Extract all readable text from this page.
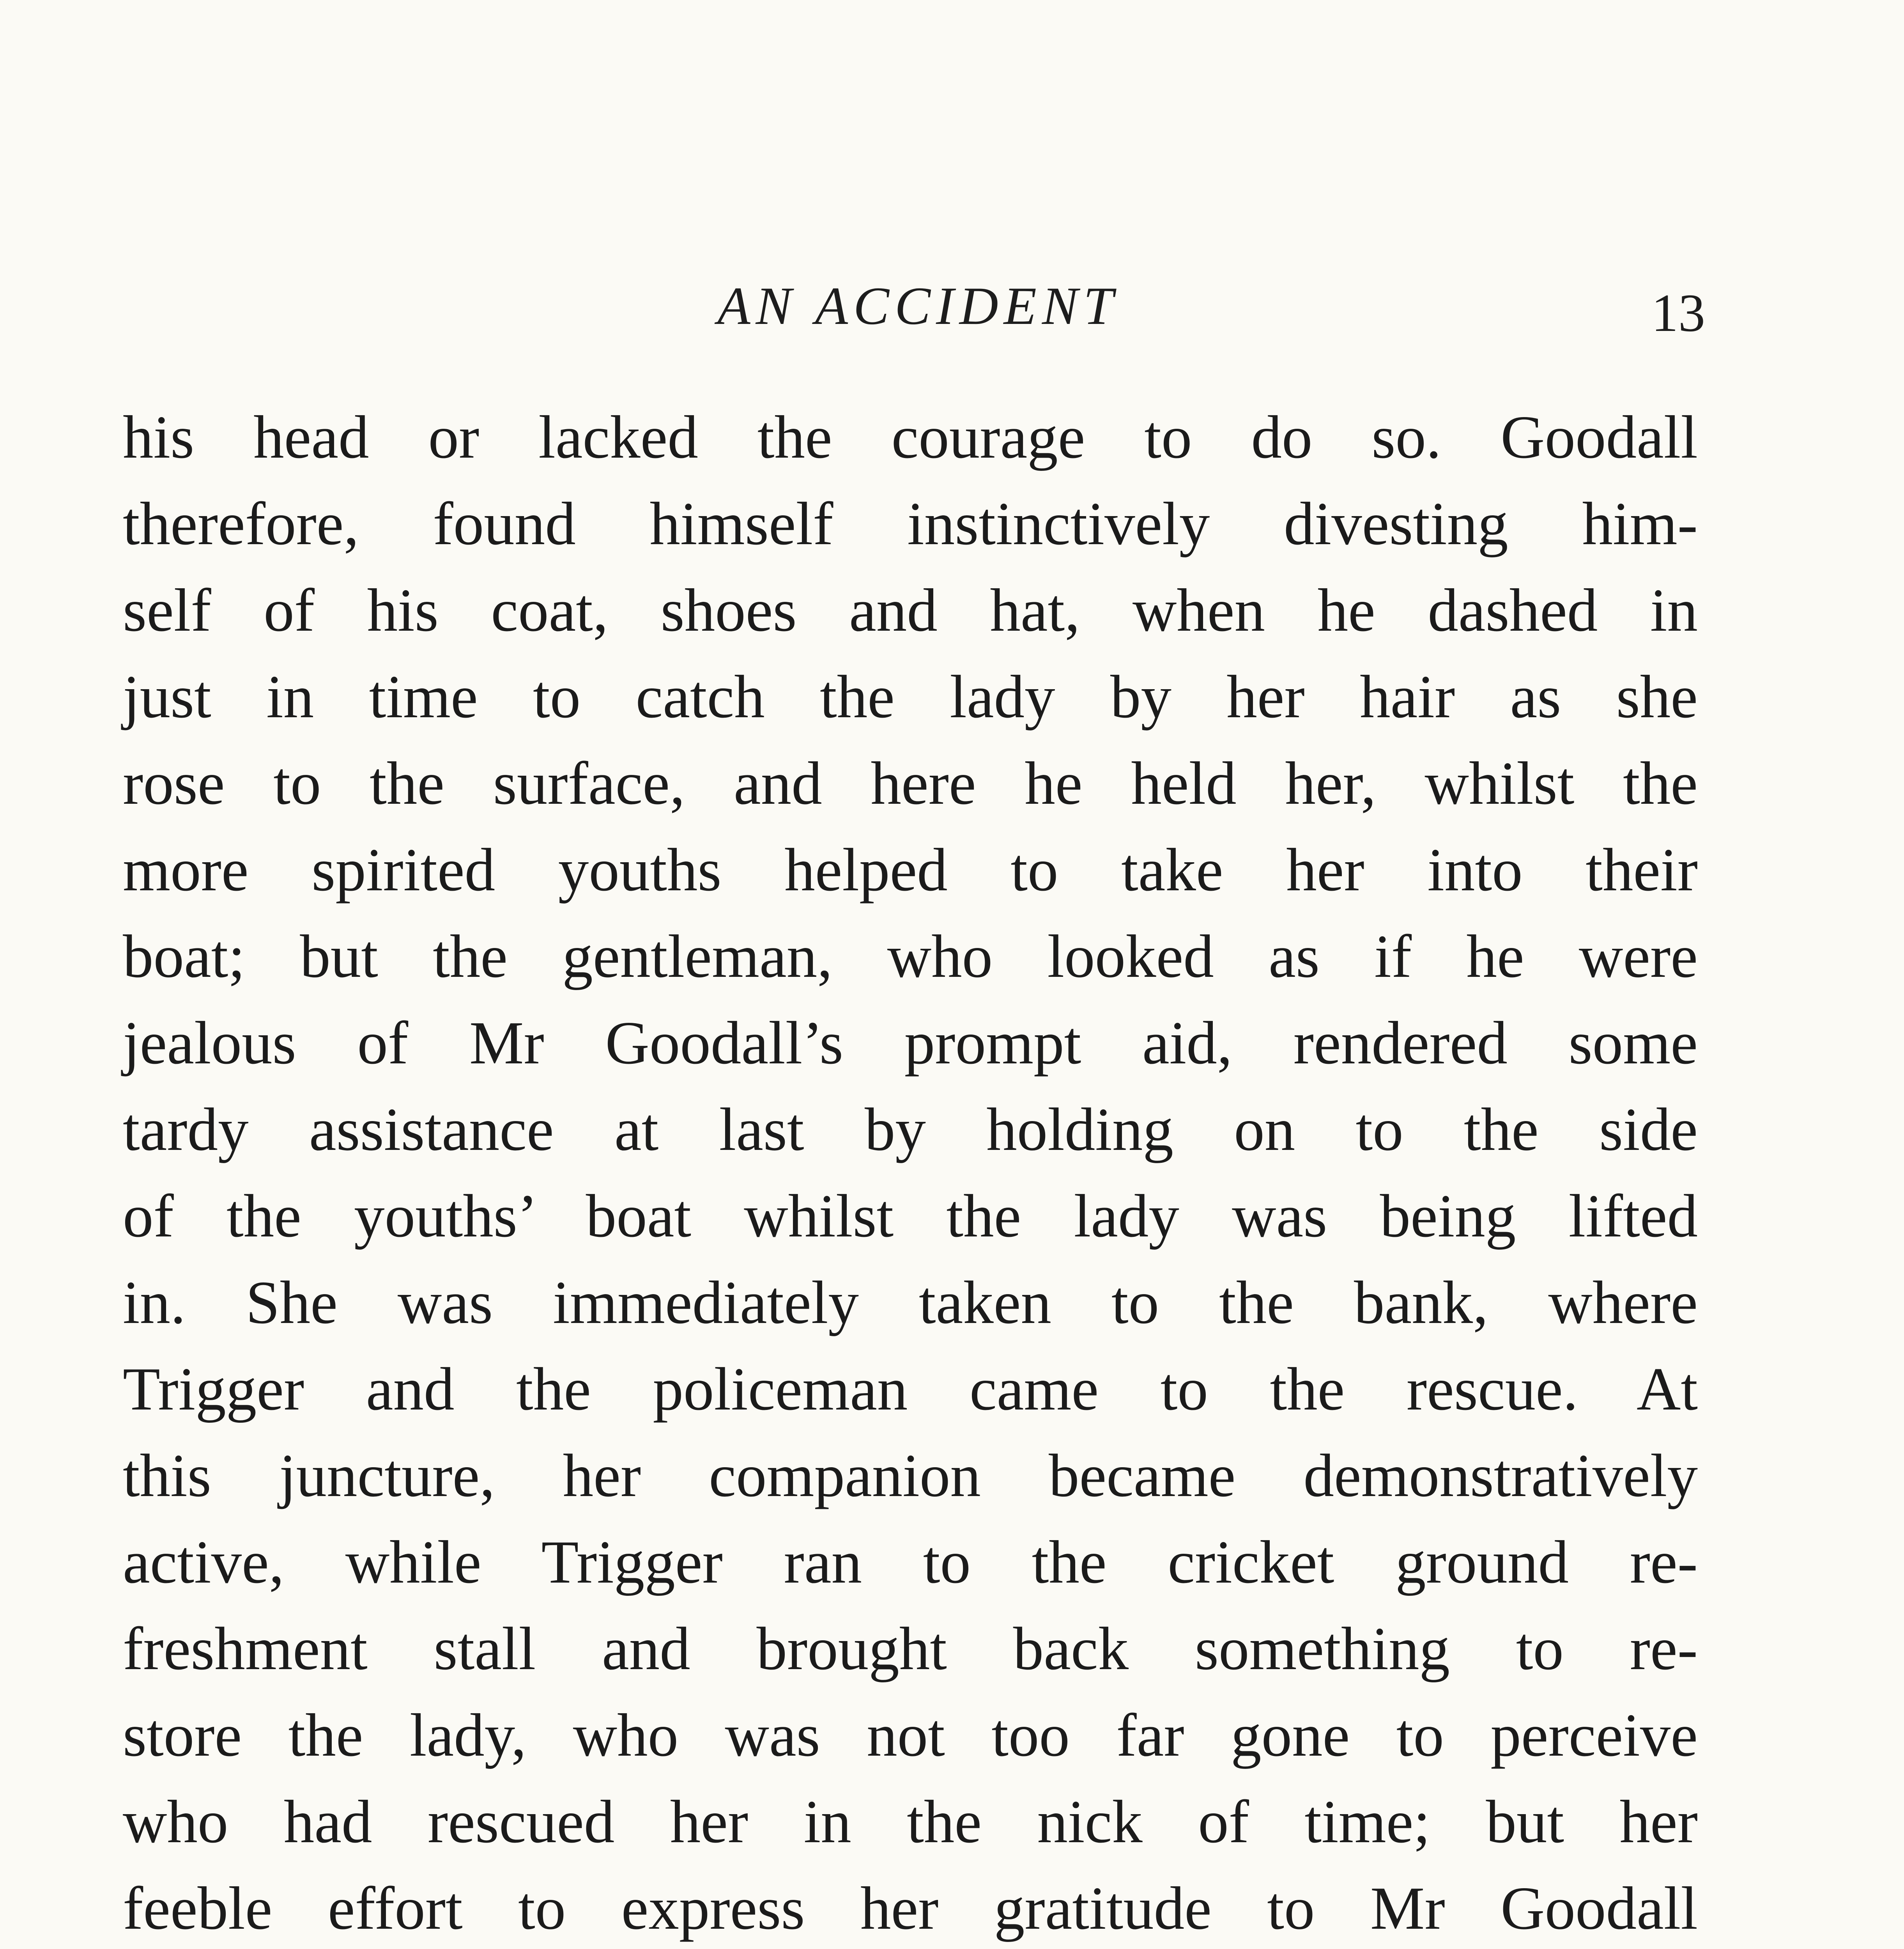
AN ACCIDENT	13
his head or lacked the courage to do so. Goodall
therefore, found himself instinctively divesting him-
self of his coat, shoes and hat, when he dashed in
just in time to catch the lady by her hair as she
rose to the surface, and here he held her, whilst the
more spirited youths helped to take her into their
boat; but the gentleman, who looked as if he were
jealous of Mr Goodall’s prompt aid, rendered some
tardy assistance at last by holding on to the side
of the youths’ boat whilst the lady was being lifted
in. She was immediately taken to the bank, where
Trigger and the policeman came to the rescue. At
this juncture, her companion became demonstratively
active, while Trigger ran to the cricket ground re-
freshment stall and brought back something to re-
store the lady, who was not too far gone to perceive
who had rescued her in the nick of time; but her
feeble effort to express her gratitude to Mr Goodall
